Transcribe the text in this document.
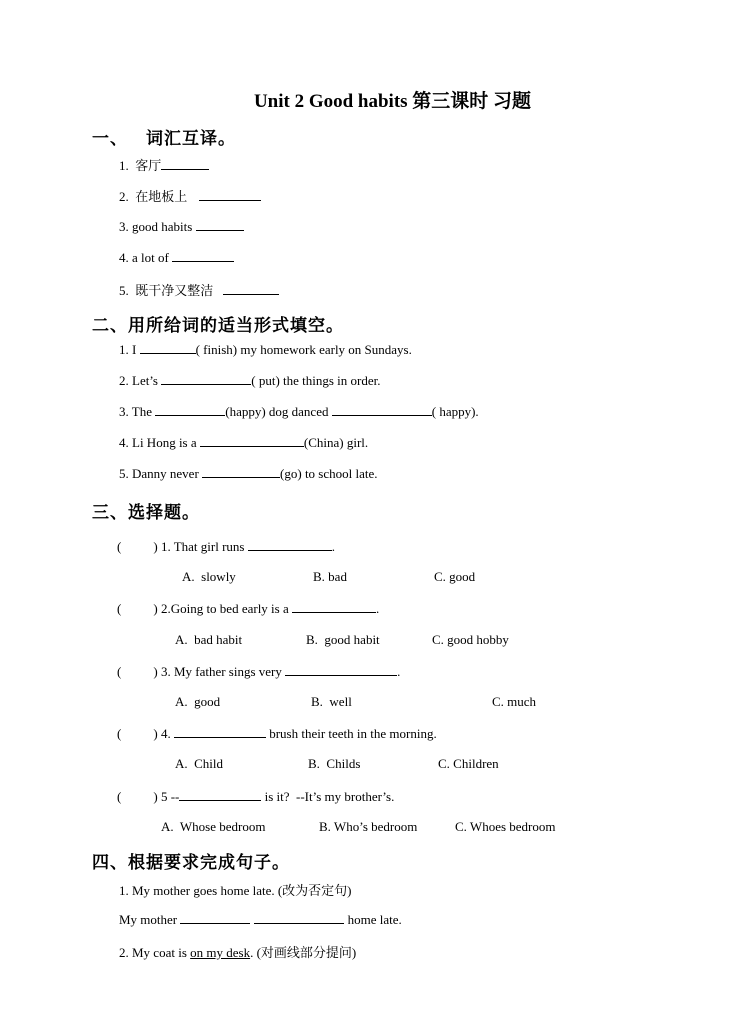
Unit 2 Good habits 第三课时 习题
一、 词汇互译。
1.  客厅
2.  在地板上
3. good habits
4. a lot of
5.  既干净又整洁
二、用所给词的适当形式填空。
1. I	( finish) my homework early on Sundays.
2. Let’s	( put) the things in order.
3. The	(happy) dog danced	( happy).
4. Li Hong is a	(China) girl.
5. Danny never	(go) to school late.
三、选择题。
( ) 1. That girl runs	.
A.  slowly	B. bad	C. good
( ) 2.Going to bed early is a	.
A.  bad habit	B.  good habit	C. good hobby
( ) 3. My father sings very	.
A.  good	B.  well	C. much
( ) 4.	brush their teeth in the morning.
A.  Child	B.  Childs	C. Children
( ) 5 --	is it?  --It’s my brother’s.
A.  Whose bedroom	B. Who’s bedroom	C. Whoes bedroom
四、根据要求完成句子。
1. My mother goes home late. (改为否定句)
My mother	home late.
2. My coat is on my desk. (对画线部分提问)
